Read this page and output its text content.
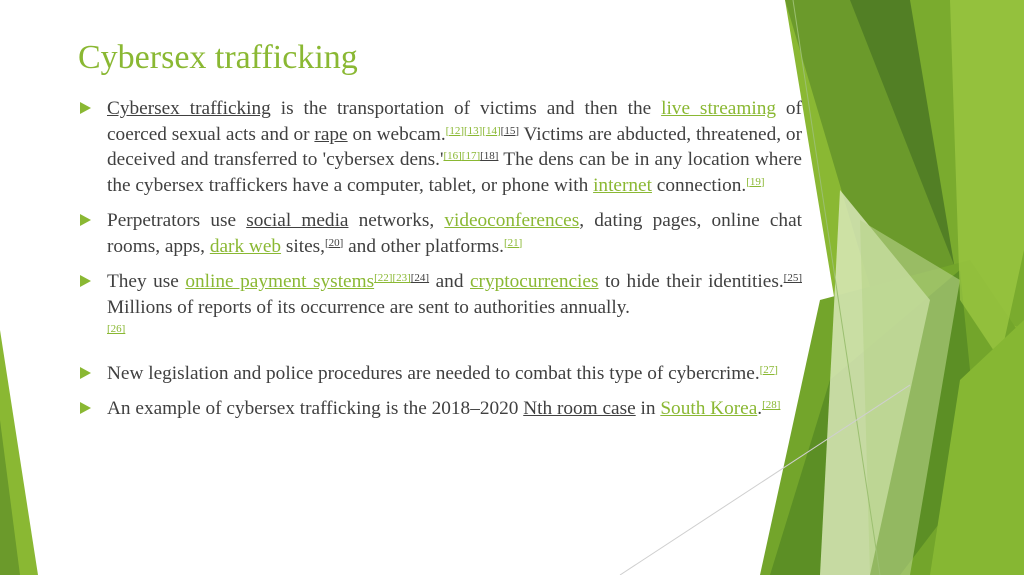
Cybersex trafficking

Cybersex trafficking is the transportation of victims and then the live streaming of coerced sexual acts and or rape on webcam.[12][13][14][15] Victims are abducted, threatened, or deceived and transferred to 'cybersex dens.'[16][17][18] The dens can be in any location where the cybersex traffickers have a computer, tablet, or phone with internet connection.[19]

Perpetrators use social media networks, videoconferences, dating pages, online chat rooms, apps, dark web sites,[20] and other platforms.[21]

They use online payment systems[22][23][24] and cryptocurrencies to hide their identities.[25] Millions of reports of its occurrence are sent to authorities annually.
[26]

New legislation and police procedures are needed to combat this type of cybercrime.[27]

An example of cybersex trafficking is the 2018–2020 Nth room case in South Korea.[28]
